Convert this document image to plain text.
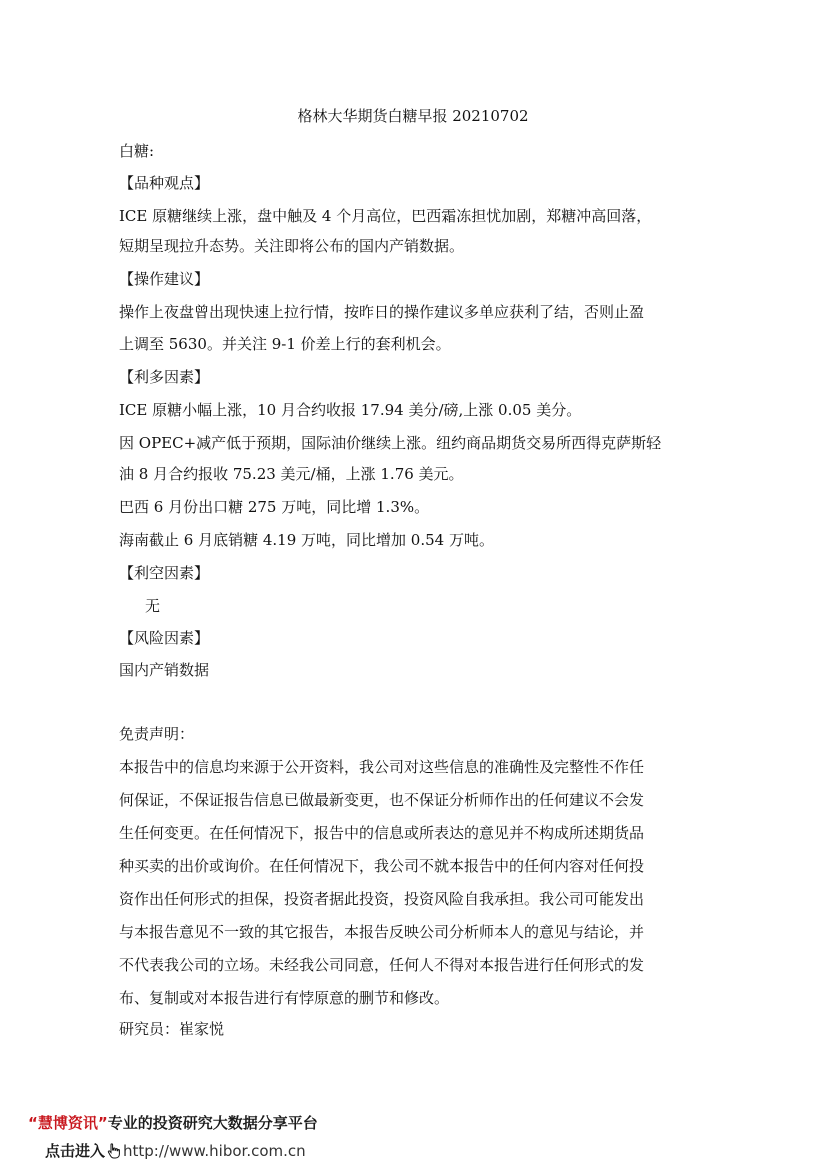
格林大华期货白糖早报 20210702
白糖:
【品种观点】
ICE 原糖继续上涨，盘中触及 4 个月高位，巴西霜冻担忧加剧，郑糖冲高回落，
短期呈现拉升态势。关注即将公布的国内产销数据。
【操作建议】
操作上夜盘曾出现快速上拉行情，按昨日的操作建议多单应获利了结，否则止盈
上调至 5630。并关注 9-1 价差上行的套利机会。
【利多因素】
ICE 原糖小幅上涨，10 月合约收报 17.94 美分/磅,上涨 0.05 美分。
因 OPEC+减产低于预期，国际油价继续上涨。纽约商品期货交易所西得克萨斯轻
油 8 月合约报收 75.23 美元/桶，上涨 1.76 美元。
巴西 6 月份出口糖 275 万吨，同比增 1.3%。
海南截止 6 月底销糖 4.19 万吨，同比增加 0.54 万吨。
【利空因素】
无
【风险因素】
国内产销数据
免责声明：
本报告中的信息均来源于公开资料，我公司对这些信息的准确性及完整性不作任
何保证，不保证报告信息已做最新变更，也不保证分析师作出的任何建议不会发
生任何变更。在任何情况下，报告中的信息或所表达的意见并不构成所述期货品
种买卖的出价或询价。在任何情况下，我公司不就本报告中的任何内容对任何投
资作出任何形式的担保，投资者据此投资，投资风险自我承担。我公司可能发出
与本报告意见不一致的其它报告，本报告反映公司分析师本人的意见与结论，并
不代表我公司的立场。未经我公司同意，任何人不得对本报告进行任何形式的发
布、复制或对本报告进行有悖原意的删节和修改。
研究员：崔家悦
“慧博资讯”专业的投资研究大数据分享平台
点击进入 http://www.hibor.com.cn
